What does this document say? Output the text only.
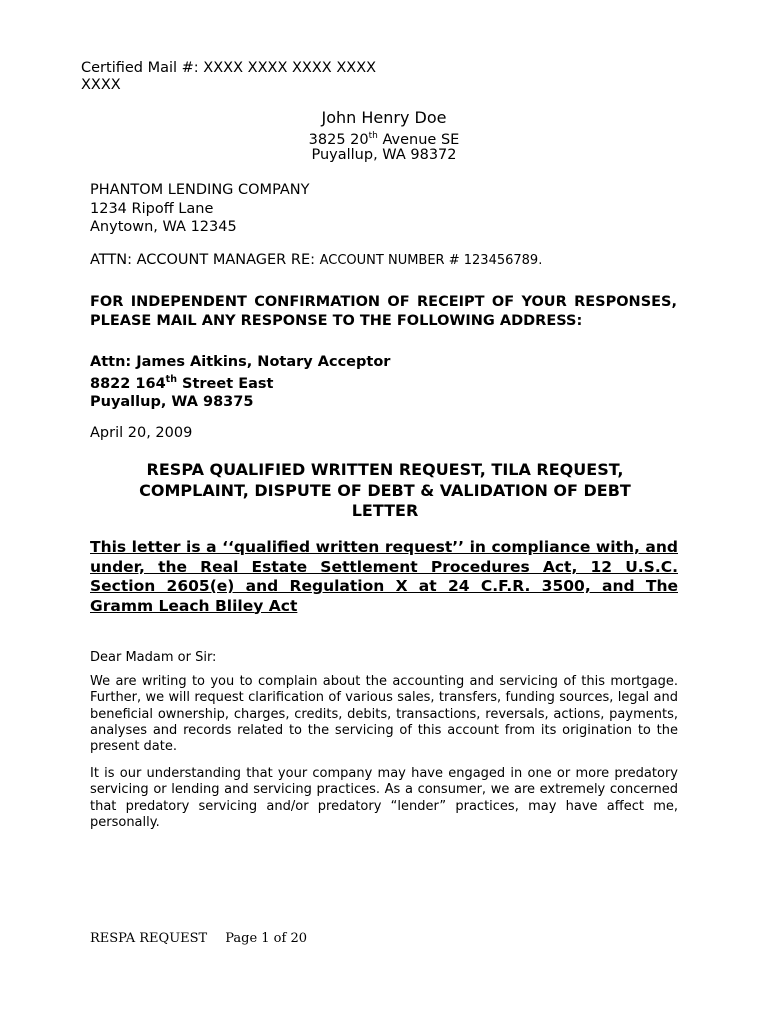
Certified Mail #: XXXX XXXX XXXX XXXX
XXXX
John Henry Doe
3825 20th Avenue SE
Puyallup, WA 98372
PHANTOM LENDING COMPANY
1234 Ripoff Lane
Anytown, WA 12345
ATTN: ACCOUNT MANAGER RE: ACCOUNT NUMBER # 123456789.
FOR INDEPENDENT CONFIRMATION OF RECEIPT OF YOUR RESPONSES, PLEASE MAIL ANY RESPONSE TO THE FOLLOWING ADDRESS:
Attn: James Aitkins, Notary Acceptor
8822 164th Street East
Puyallup, WA 98375
April 20, 2009
RESPA QUALIFIED WRITTEN REQUEST, TILA REQUEST,
COMPLAINT, DISPUTE OF DEBT & VALIDATION OF DEBT
LETTER
This letter is a ‘‘qualified written request’’ in compliance with, and under, the Real Estate Settlement Procedures Act, 12 U.S.C. Section 2605(e) and Regulation X at 24 C.F.R. 3500, and The Gramm Leach Bliley Act
Dear Madam or Sir:
We are writing to you to complain about the accounting and servicing of this mortgage. Further, we will request clarification of various sales, transfers, funding sources, legal and beneficial ownership, charges, credits, debits, transactions, reversals, actions, payments, analyses and records related to the servicing of this account from its origination to the present date.
It is our understanding that your company may have engaged in one or more predatory servicing or lending and servicing practices. As a consumer, we are extremely concerned that predatory servicing and/or predatory “lender” practices, may have affect me, personally.
RESPA REQUEST Page 1 of 20
